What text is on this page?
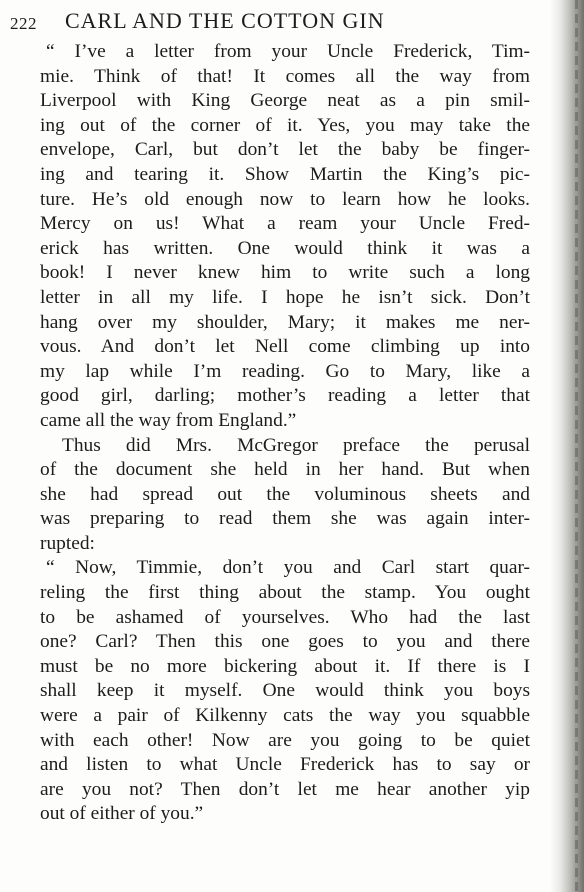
222 CARL AND THE COTTON GIN
“ I’ve a letter from your Uncle Frederick, Tim-
mie. Think of that! It comes all the way from
Liverpool with King George neat as a pin smil-
ing out of the corner of it. Yes, you may take the
envelope, Carl, but don’t let the baby be finger-
ing and tearing it. Show Martin the King’s pic-
ture. He’s old enough now to learn how he looks.
Mercy on us! What a ream your Uncle Fred-
erick has written. One would think it was a
book! I never knew him to write such a long
letter in all my life. I hope he isn’t sick. Don’t
hang over my shoulder, Mary; it makes me ner-
vous. And don’t let Nell come climbing up into
my lap while I’m reading. Go to Mary, like a
good girl, darling; mother’s reading a letter that
came all the way from England.”
Thus did Mrs. McGregor preface the perusal
of the document she held in her hand. But when
she had spread out the voluminous sheets and
was preparing to read them she was again inter-
rupted:
“ Now, Timmie, don’t you and Carl start quar-
reling the first thing about the stamp. You ought
to be ashamed of yourselves. Who had the last
one? Carl? Then this one goes to you and there
must be no more bickering about it. If there is I
shall keep it myself. One would think you boys
were a pair of Kilkenny cats the way you squabble
with each other! Now are you going to be quiet
and listen to what Uncle Frederick has to say or
are you not? Then don’t let me hear another yip
out of either of you.”
